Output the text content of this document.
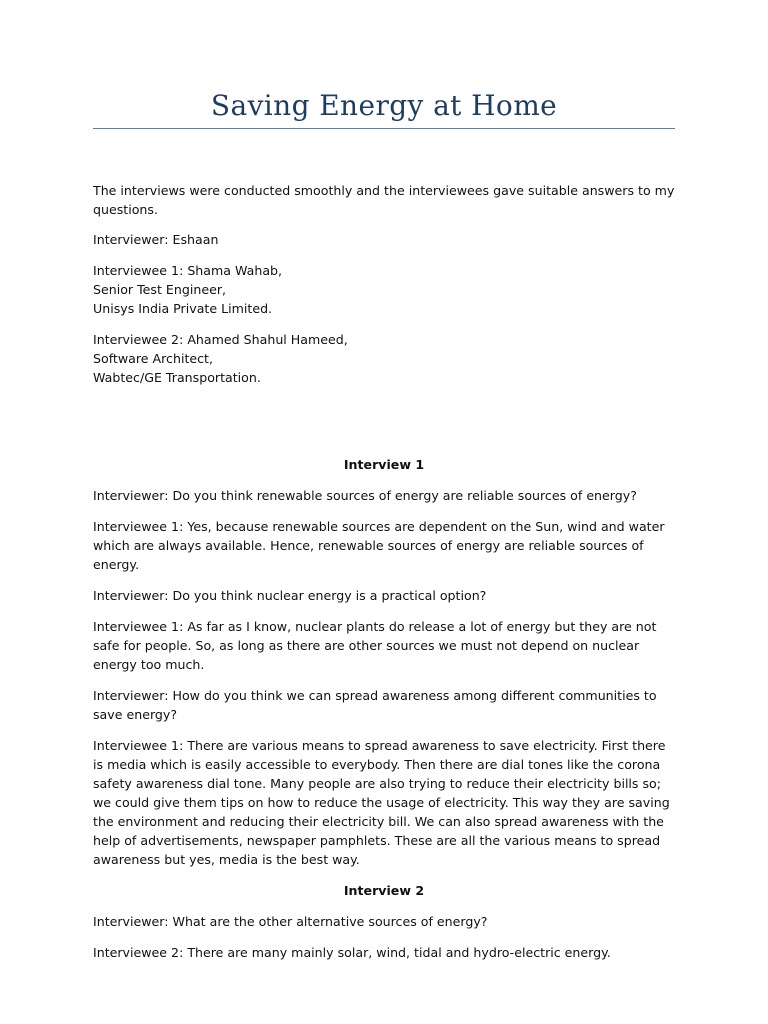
Saving Energy at Home

The interviews were conducted smoothly and the interviewees gave suitable answers to my questions.

Interviewer: Eshaan

Interviewee 1: Shama Wahab,
Senior Test Engineer,
Unisys India Private Limited.
Interviewee 2: Ahamed Shahul Hameed,
Software Architect,
Wabtec/GE Transportation.

Interview 1

Interviewer: Do you think renewable sources of energy are reliable sources of energy?

Interviewee 1: Yes, because renewable sources are dependent on the Sun, wind and water which are always available. Hence, renewable sources of energy are reliable sources of energy.

Interviewer: Do you think nuclear energy is a practical option?

Interviewee 1: As far as I know, nuclear plants do release a lot of energy but they are not safe for people. So, as long as there are other sources we must not depend on nuclear energy too much.

Interviewer: How do you think we can spread awareness among different communities to save energy?

Interviewee 1: There are various means to spread awareness to save electricity. First there is media which is easily accessible to everybody. Then there are dial tones like the corona safety awareness dial tone. Many people are also trying to reduce their electricity bills so; we could give them tips on how to reduce the usage of electricity. This way they are saving the environment and reducing their electricity bill. We can also spread awareness with the help of advertisements, newspaper pamphlets. These are all the various means to spread awareness but yes, media is the best way.

Interview 2

Interviewer: What are the other alternative sources of energy?

Interviewee 2: There are many mainly solar, wind, tidal and hydro-electric energy.
